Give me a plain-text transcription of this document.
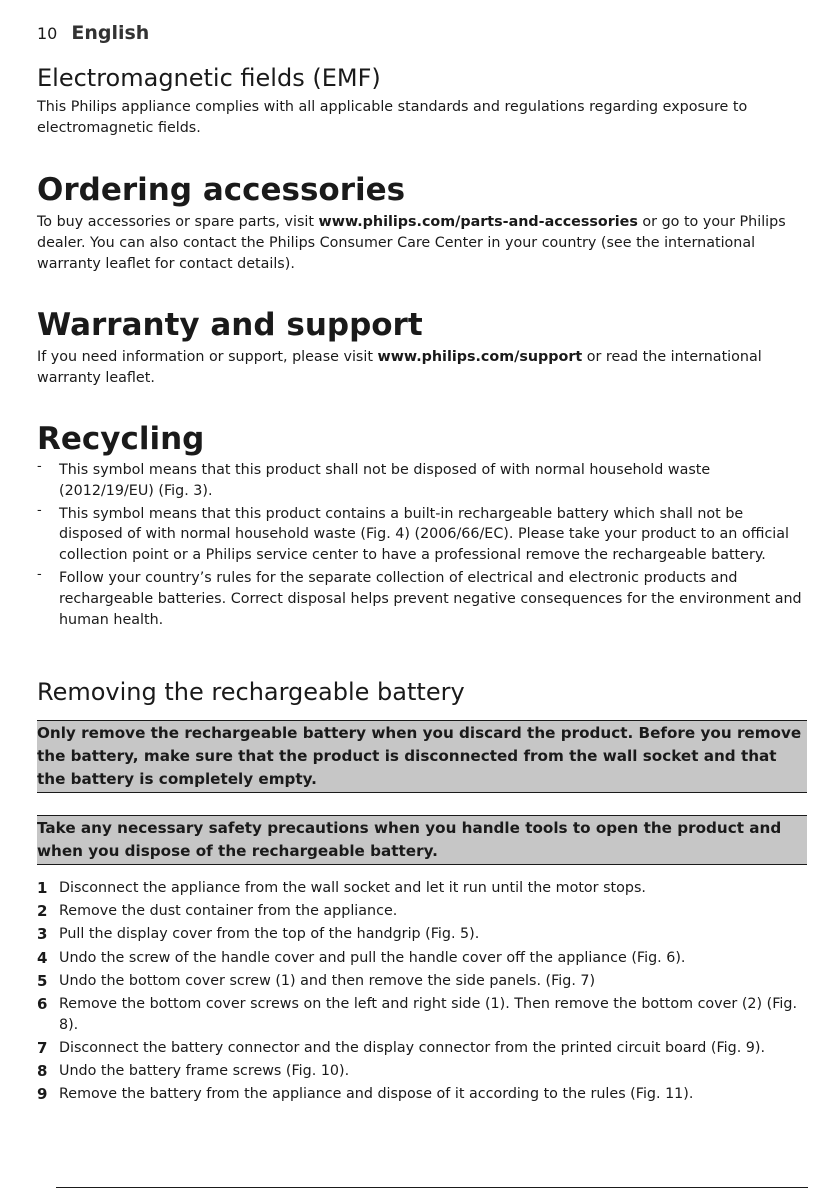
10 English
Electromagnetic fields (EMF)

This Philips appliance complies with all applicable standards and regulations regarding exposure to electromagnetic fields.

Ordering accessories

To buy accessories or spare parts, visit www.philips.com/parts-and-accessories or go to your Philips dealer. You can also contact the Philips Consumer Care Center in your country (see the international warranty leaflet for contact details).

Warranty and support

If you need information or support, please visit www.philips.com/support or read the international warranty leaflet.

Recycling
- This symbol means that this product shall not be disposed of with normal household waste (2012/19/EU) (Fig. 3).
- This symbol means that this product contains a built-in rechargeable battery which shall not be disposed of with normal household waste (Fig. 4) (2006/66/EC). Please take your product to an official collection point or a Philips service center to have a professional remove the rechargeable battery.
- Follow your country’s rules for the separate collection of electrical and electronic products and rechargeable batteries. Correct disposal helps prevent negative consequences for the environment and human health.
Removing the rechargeable battery
Only remove the rechargeable battery when you discard the product. Before you remove the battery, make sure that the product is disconnected from the wall socket and that the battery is completely empty.
Take any necessary safety precautions when you handle tools to open the product and when you dispose of the rechargeable battery.
1 Disconnect the appliance from the wall socket and let it run until the motor stops.
2 Remove the dust container from the appliance.
3 Pull the display cover from the top of the handgrip (Fig. 5).
4 Undo the screw of the handle cover and pull the handle cover off the appliance (Fig. 6).
5 Undo the bottom cover screw (1) and then remove the side panels. (Fig. 7)
6 Remove the bottom cover screws on the left and right side (1). Then remove the bottom cover (2) (Fig. 8).
7 Disconnect the battery connector and the display connector from the printed circuit board (Fig. 9).
8 Undo the battery frame screws (Fig. 10).
9 Remove the battery from the appliance and dispose of it according to the rules (Fig. 11).
